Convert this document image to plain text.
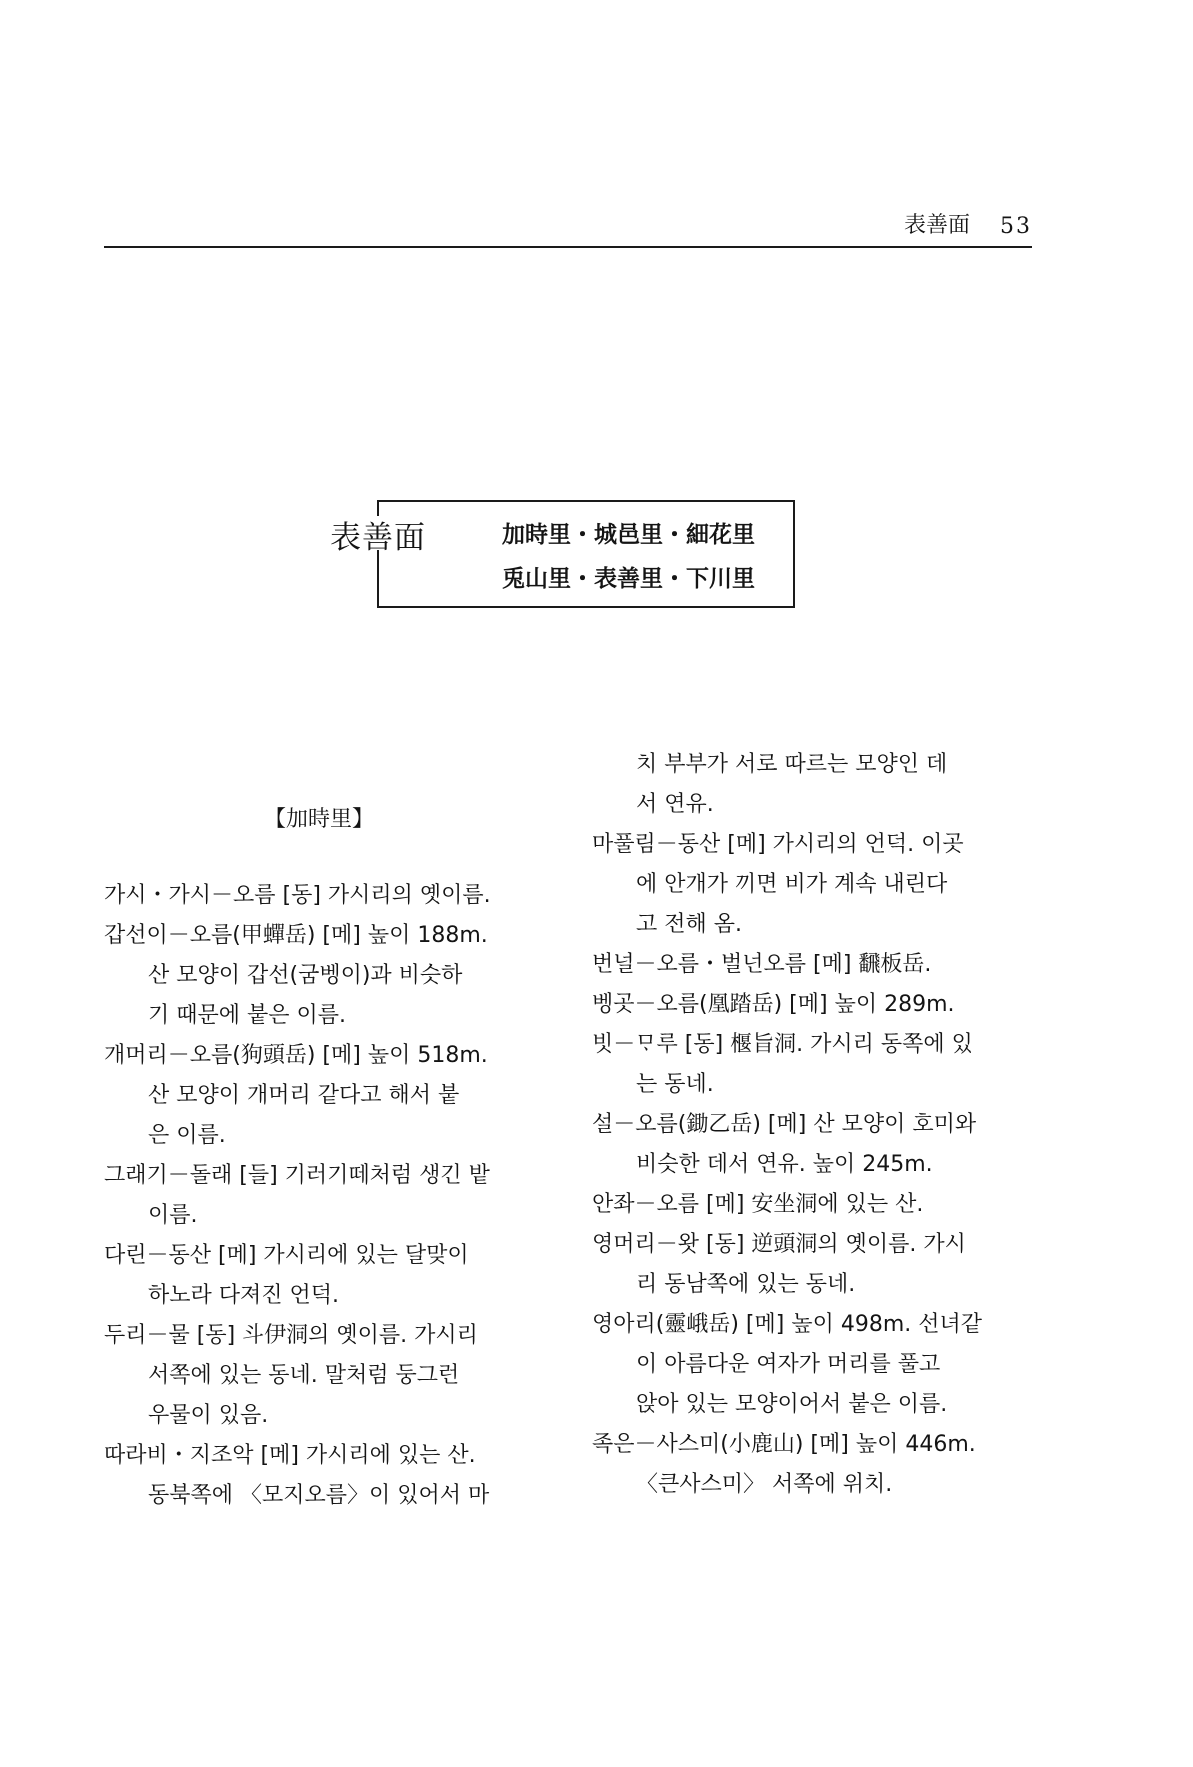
表善面 53
表善面	加時里・城邑里・細花里
兎山里・表善里・下川里
【加時里】
가시・가시－오름 [동] 가시리의 옛이름.
갑선이－오름(甲蟬岳) [메] 높이 188m.
산 모양이 갑선(굼벵이)과 비슷하
기 때문에 붙은 이름.
개머리－오름(狗頭岳) [메] 높이 518m.
산 모양이 개머리 같다고 해서 붙
은 이름.
그래기－돌래 [들] 기러기떼처럼 생긴 밭
이름.
다린－동산 [메] 가시리에 있는 달맞이
하노라 다져진 언덕.
두리－물 [동] 斗伊洞의 옛이름. 가시리
서쪽에 있는 동네. 말처럼 둥그런
우물이 있음.
따라비・지조악 [메] 가시리에 있는 산.
동북쪽에 〈모지오름〉이 있어서 마
치 부부가 서로 따르는 모양인 데
서 연유.
마풀림－동산 [메] 가시리의 언덕. 이곳
에 안개가 끼면 비가 계속 내린다
고 전해 옴.
번널－오름・벌넌오름 [메] 飜板岳.
벵곳－오름(凰踏岳) [메] 높이 289m.
빗－ᄆᆞ루 [동] 椻旨洞. 가시리 동쪽에 있
는 동네.
설－오름(鋤乙岳) [메] 산 모양이 호미와
비슷한 데서 연유. 높이 245m.
안좌－오름 [메] 安坐洞에 있는 산.
영머리－왓 [동] 逆頭洞의 옛이름. 가시
리 동남쪽에 있는 동네.
영아리(靈峨岳) [메] 높이 498m. 선녀같
이 아름다운 여자가 머리를 풀고
앉아 있는 모양이어서 붙은 이름.
족은－사스미(小鹿山) [메] 높이 446m.
〈큰사스미〉 서쪽에 위치.
